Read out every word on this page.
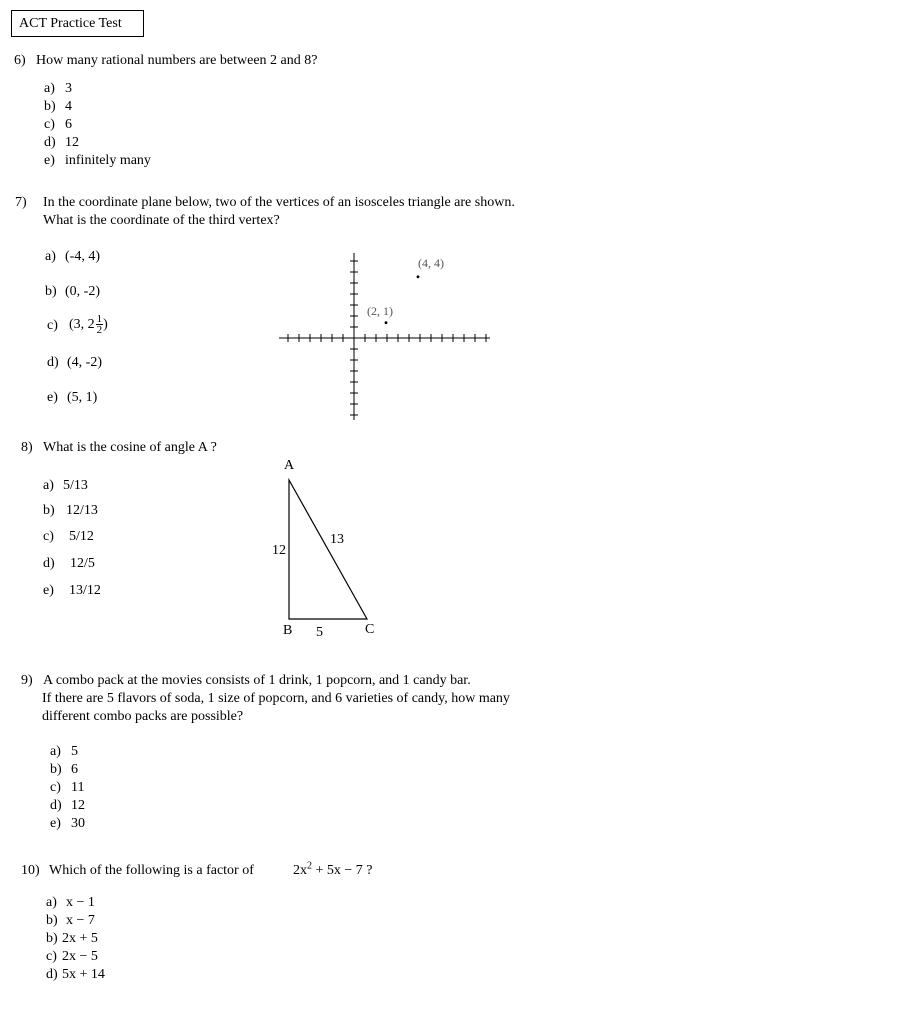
ACT Practice Test
6) How many rational numbers are between 2 and 8?
a) 3
b) 4
c) 6
d) 12
e) infinitely many
7) In the coordinate plane below, two of the vertices of an isosceles triangle are shown.
What is the coordinate of the third vertex?
a) (-4, 4)
b) (0, -2)
c) (3, $2 \frac{1}{2}$ )
d) (4, -2)
e) (5, 1)
(4, 4)
(2, 1)
8) What is the cosine of angle A ?
a) 5/13
b) 12/13
c) 5/12
d) 12/5
e) 13/12
A
B	C
12
5
13
9) A combo pack at the movies consists of 1 drink, 1 popcorn, and 1 candy bar.
If there are 5 flavors of soda, 1 size of popcorn, and 6 varieties of candy, how many
different combo packs are possible?
a) 5
b) 6
c) 11
d) 12
e) 30
10) Which of the following is a factor of	$2x^2 + 5x - 7$ ?
a) x − 1
b) x − 7
b) 2x + 5
c) 2x − 5
d) 5x + 14
